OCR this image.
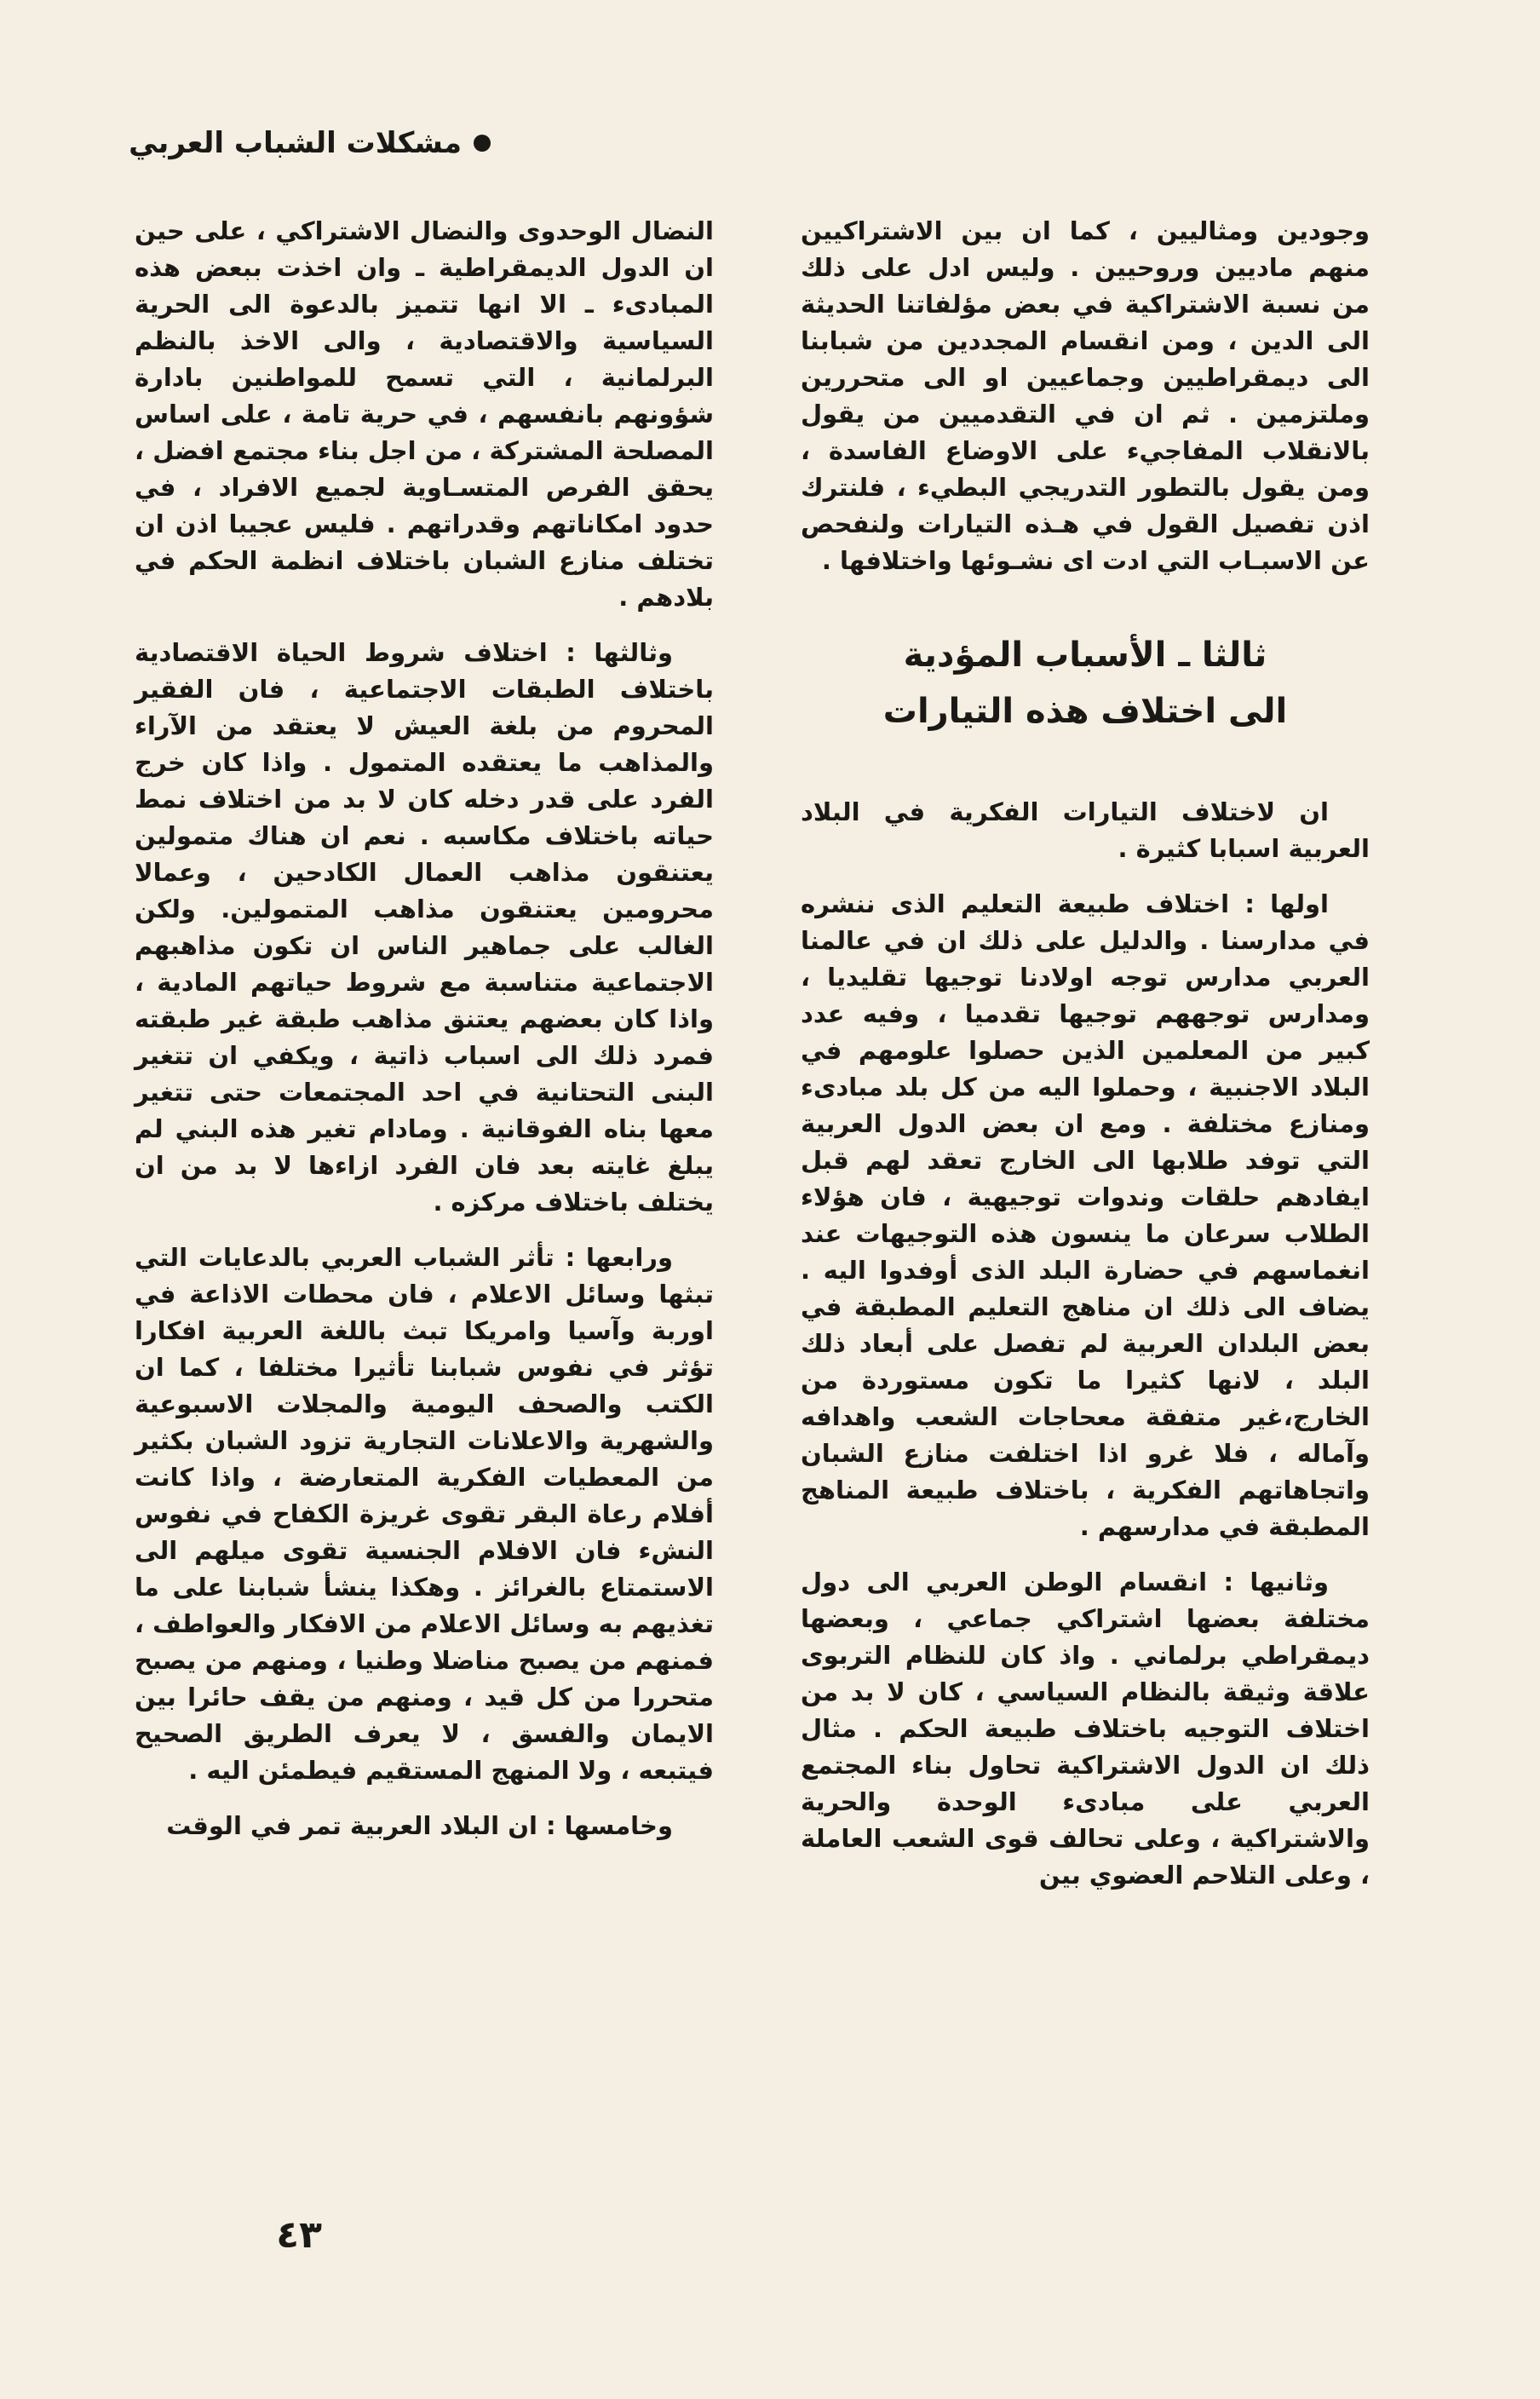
مشكلات الشباب العربي

وجودين ومثاليين ، كما ان بين الاشتراكيين منهم ماديين وروحيين . وليس ادل على ذلك من نسبة الاشتراكية في بعض مؤلفاتنا الحديثة الى الدين ، ومن انقسام المجددين من شبابنا الى ديمقراطيين وجماعيين او الى متحررين وملتزمين . ثم ان في التقدميين من يقول بالانقلاب المفاجيء على الاوضاع الفاسدة ، ومن يقول بالتطور التدريجي البطيء ، فلنترك اذن تفصيل القول في هـذه التيارات ولنفحص عن الاسبـاب التي ادت ا‌ى نشـوئها واختلافها .

ثالثا ـ الأسباب المؤدية
الى اختلاف هذه التيارات

ان لاختلاف التيارات الفكرية في البلاد العربية اسبابا كثيرة .

اولها : اختلاف طبيعة التعليم الذى ننشره في مدارسنا . والدليل على ذلك ان في عالمنا العربي مدارس توجه اولادنا توجيها تقليديا ، ومدارس توجههم توجيها تقدميا ، وفيه عدد كبير من المعلمين الذين حصلوا علومهم في البلاد الاجنبية ، وحملوا اليه من كل بلد مبادىء ومنازع مختلفة . ومع ان بعض الدول العربية التي توفد طلابها الى الخارج تعقد لهم قبل ايفادهم حلقات وندوات توجيهية ، فان هؤلاء الطلاب سرعان ما ينسون هذه التوجيهات عند انغماسهم في حضارة البلد الذى أوفدوا اليه . يضاف الى ذلك ان مناهج التعليم المطبقة في بعض البلدان العربية لم تفصل على أبعاد ذلك البلد ، لانها كثيرا ما تكون مستوردة من الخارج،غير متفقة معحاجات الشعب واهدافه وآماله ، فلا غرو اذا اختلفت منازع الشبان واتجاهاتهم الفكرية ، باختلاف طبيعة المناهج المطبقة في مدارسهم .

وثانيها : انقسام الوطن العربي الى دول مختلفة بعضها اشتراكي جماعي ، وبعضها ديمقراطي برلماني . واذ كان للنظام التربوى علاقة وثيقة بالنظام السياسي ، كان لا بد من اختلاف التوجيه باختلاف طبيعة الحكم . مثال ذلك ان الدول الاشتراكية تحاول بناء المجتمع العربي على مبادىء الوحدة والحرية والاشتراكية ، وعلى تحالف قوى الشعب العاملة ، وعلى التلاحم العضوي بين

النضال الوحدوى والنضال الاشتراكي ، على حين ان الدول الديمقراطية ـ وان اخذت ببعض هذه المبادىء ـ الا انها تتميز بالدعوة الى الحرية السياسية والاقتصادية ، والى الاخذ بالنظم البرلمانية ، التي تسمح للمواطنين بادارة شؤونهم بانفسهم ، في حرية تامة ، على اساس المصلحة المشتركة ، من اجل بناء مجتمع افضل ، يحقق الفرص المتسـاوية لجميع الافراد ، في حدود امكاناتهم وقدراتهم . فليس عجيبا اذن ان تختلف منازع الشبان باختلاف انظمة الحكم في بلادهم .

وثالثها : اختلاف شروط الحياة الاقتصادية باختلاف الطبقات الاجتماعية ، فان الفقير المحروم من بلغة العيش لا يعتقد من الآراء والمذاهب ما يعتقده المتمول . واذا كان خرج الفرد على قدر دخله كان لا بد من اختلاف نمط حياته باختلاف مكاسبه . نعم ان هناك متمولين يعتنقون مذاهب العمال الكادحين ، وعمالا محرومين يعتنقون مذاهب المتمولين. ولكن الغالب على جماهير الناس ان تكون مذاهبهم الاجتماعية متناسبة مع شروط حياتهم المادية ، واذا كان بعضهم يعتنق مذاهب طبقة غير طبقته فمرد ذلك الى اسباب ذاتية ، ويكفي ان تتغير البنى التحتانية في احد المجتمعات حتى تتغير معها بناه الفوقانية . ومادام تغير هذه البني لم يبلغ غايته بعد فان الفرد ازاءها لا بد من ان يختلف باختلاف مركزه .

ورابعها : تأثر الشباب العربي بالدعايات التي تبثها وسائل الاعلام ، فان محطات الاذاعة في اوربة وآسيا وامريكا تبث باللغة العربية افكارا تؤثر في نفوس شبابنا تأثيرا مختلفا ، كما ان الكتب والصحف اليومية والمجلات الاسبوعية والشهرية والاعلانات التجارية تزود الشبان بكثير من المعطيات الفكرية المتعارضة ، واذا كانت أفلام رعاة البقر تقوى غريزة الكفاح في نفوس النشء فان الافلام الجنسية تقوى ميلهم الى الاستمتاع بالغرائز . وهكذا ينشأ شبابنا على ما تغذيهم به وسائل الاعلام من الافكار والعواطف ، فمنهم من يصبح مناضلا وطنيا ، ومنهم من يصبح متحررا من كل قيد ، ومنهم من يقف حائرا بين الايمان والفسق ، لا يعرف الطريق الصحيح فيتبعه ، ولا المنهج المستقيم فيطمئن اليه .

وخامسها : ان البلاد العربية تمر في الوقت

٤٣
